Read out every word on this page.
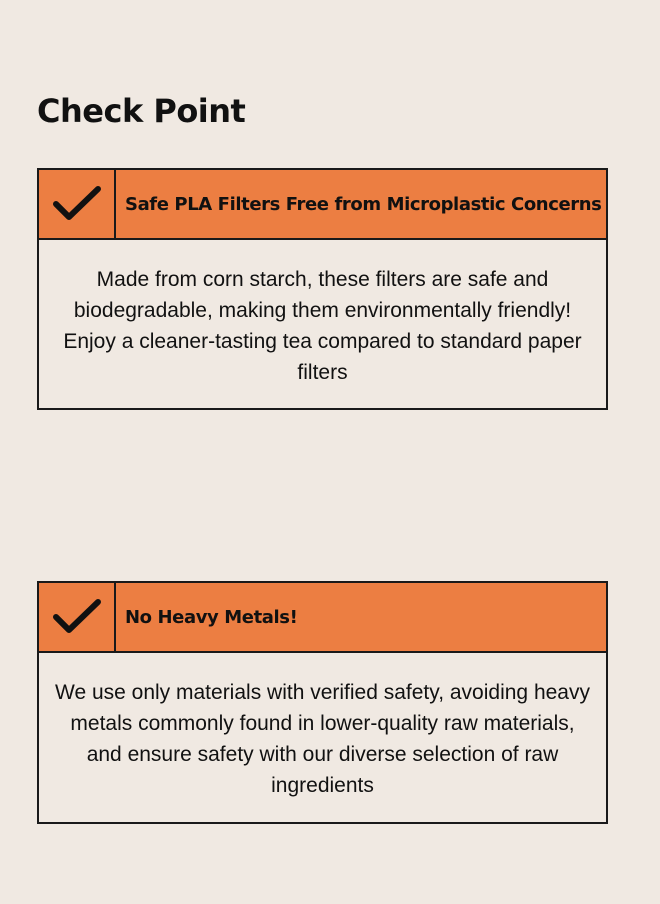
Check Point
Safe PLA Filters Free from Microplastic Concerns

Made from corn starch, these filters are safe and biodegradable, making them environmentally friendly! Enjoy a cleaner-tasting tea compared to standard paper filters

No Heavy Metals!

We use only materials with verified safety, avoiding heavy metals commonly found in lower-quality raw materials, and ensure safety with our diverse selection of raw ingredients
